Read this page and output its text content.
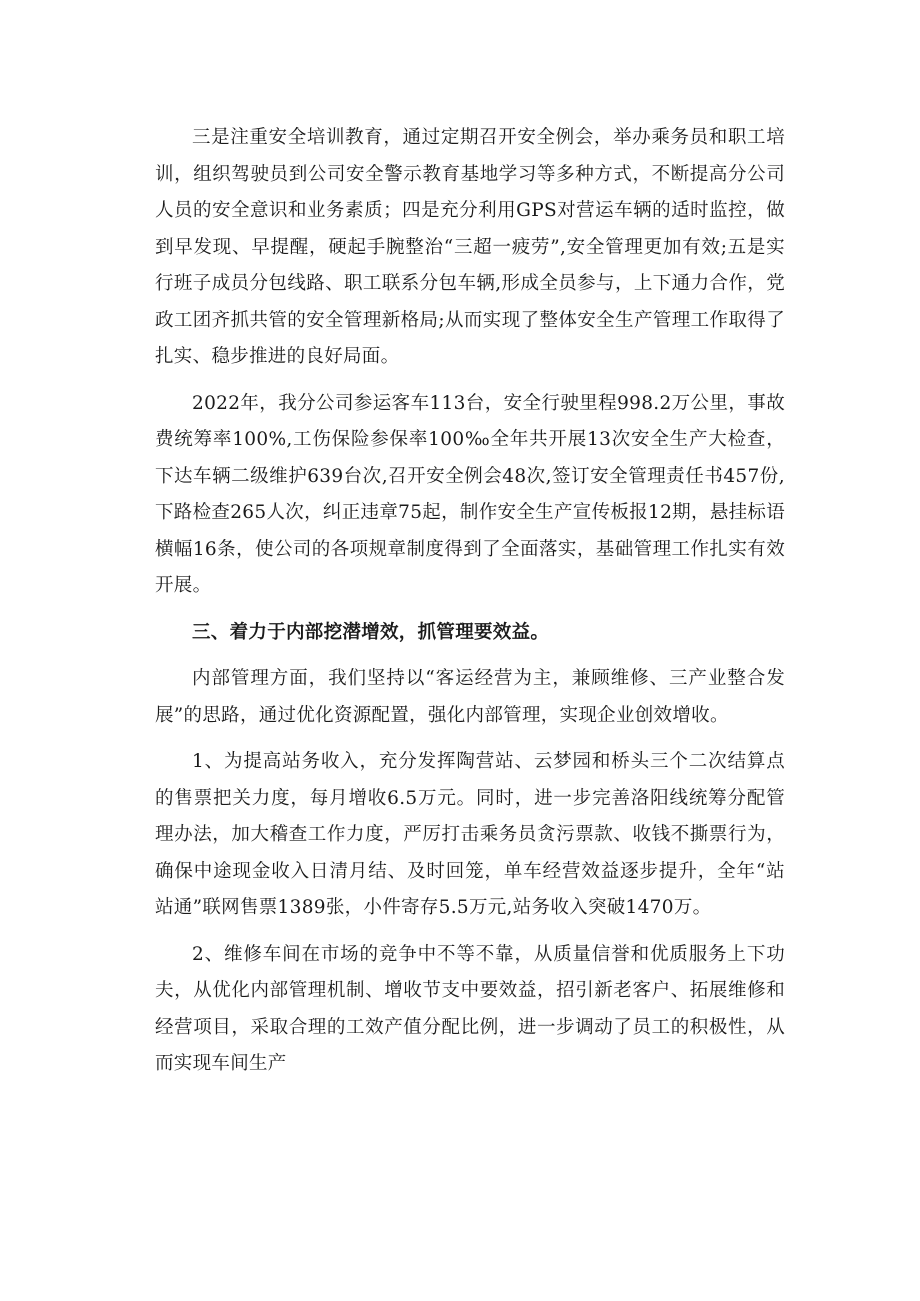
三是注重安全培训教育，通过定期召开安全例会，举办乘务员和职工培训，组织驾驶员到公司安全警示教育基地学习等多种方式，不断提高分公司人员的安全意识和业务素质；四是充分利用GPS对营运车辆的适时监控，做到早发现、早提醒，硬起手腕整治“三超一疲劳”,安全管理更加有效;五是实行班子成员分包线路、职工联系分包车辆,形成全员参与，上下通力合作，党政工团齐抓共管的安全管理新格局;从而实现了整体安全生产管理工作取得了扎实、稳步推进的良好局面。

2022年，我分公司参运客车113台，安全行驶里程998.2万公里，事故费统筹率100%,工伤保险参保率100‰全年共开展13次安全生产大检查，下达车辆二级维护639台次,召开安全例会48次,签订安全管理责任书457份,下路检查265人次，纠正违章75起，制作安全生产宣传板报12期，悬挂标语横幅16条，使公司的各项规章制度得到了全面落实，基础管理工作扎实有效开展。

三、着力于内部挖潜增效，抓管理要效益。

内部管理方面，我们坚持以“客运经营为主，兼顾维修、三产业整合发展”的思路，通过优化资源配置，强化内部管理，实现企业创效增收。

1、为提高站务收入，充分发挥陶营站、云梦园和桥头三个二次结算点的售票把关力度，每月增收6.5万元。同时，进一步完善洛阳线统筹分配管理办法，加大稽查工作力度，严厉打击乘务员贪污票款、收钱不撕票行为，确保中途现金收入日清月结、及时回笼，单车经营效益逐步提升，全年“站站通”联网售票1389张，小件寄存5.5万元,站务收入突破1470万。

2、维修车间在市场的竞争中不等不靠，从质量信誉和优质服务上下功夫，从优化内部管理机制、增收节支中要效益，招引新老客户、拓展维修和经营项目，采取合理的工效产值分配比例，进一步调动了员工的积极性，从而实现车间生产
